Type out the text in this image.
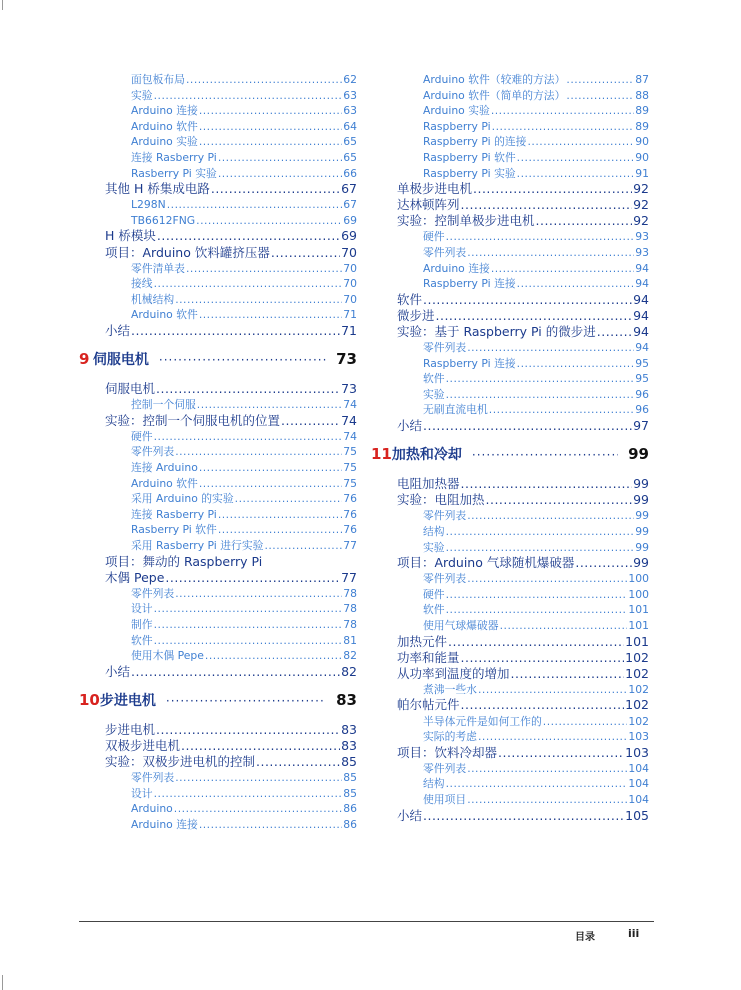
面包板布局 .....	62
实验 .....	63
Arduino 连接 .....	63
Arduino 软件 .....	64
Arduino 实验 .....	65
连接 Rasberry Pi .....	65
Rasberry Pi 实验 .....	66
其他 H 桥集成电路 .....	67
L298N .....	67
TB6612FNG .....	69
H 桥模块 .....	69
项目：Arduino 饮料罐挤压器 .....	70
零件清单表 .....	70
接线 .....	70
机械结构 .....	70
Arduino 软件 .....	71
小结 .....	71
9 伺服电机 ·····	73
伺服电机 .....	73
控制一个伺服 .....	74
实验：控制一个伺服电机的位置 .....	74
硬件 .....	74
零件列表 .....	75
连接 Arduino .....	75
Arduino 软件 .....	75
采用 Arduino 的实验 .....	76
连接 Rasberry Pi .....	76
Rasberry Pi 软件 .....	76
采用 Rasberry Pi 进行实验 .....	77
项目：舞动的 Raspberry Pi
木偶 Pepe .....	77
零件列表 .....	78
设计 .....	78
制作 .....	78
软件 .....	81
使用木偶 Pepe .....	82
小结 .....	82
10 步进电机 ·····	83
步进电机 .....	83
双极步进电机 .....	83
实验：双极步进电机的控制 .....	85
零件列表 .....	85
设计 .....	85
Arduino .....	86
Arduino 连接 .....	86
Arduino 软件（较难的方法） .....	87
Arduino 软件（简单的方法） .....	88
Arduino 实验 .....	89
Raspberry Pi .....	89
Raspberry Pi 的连接 .....	90
Raspberry Pi 软件 .....	90
Raspberry Pi 实验 .....	91
单极步进电机 .....	92
达林顿阵列 .....	92
实验：控制单极步进电机 .....	92
硬件 .....	93
零件列表 .....	93
Arduino 连接 .....	94
Raspberry Pi 连接 .....	94
软件 .....	94
微步进 .....	94
实验：基于 Raspberry Pi 的微步进 .....	94
零件列表 .....	94
Raspberry Pi 连接 .....	95
软件 .....	95
实验 .....	96
无刷直流电机 .....	96
小结 .....	97
11 加热和冷却 ·····	99
电阻加热器 .....	99
实验：电阻加热 .....	99
零件列表 .....	99
结构 .....	99
实验 .....	99
项目：Arduino 气球随机爆破器 .....	99
零件列表 .....	100
硬件 .....	100
软件 .....	101
使用气球爆破器 .....	101
加热元件 .....	101
功率和能量 .....	102
从功率到温度的增加 .....	102
煮沸一些水 .....	102
帕尔帖元件 .....	102
半导体元件是如何工作的 .....	102
实际的考虑 .....	103
项目：饮料冷却器 .....	103
零件列表 .....	104
结构 .....	104
使用项目 .....	104
小结 .....	105
目录	iii
